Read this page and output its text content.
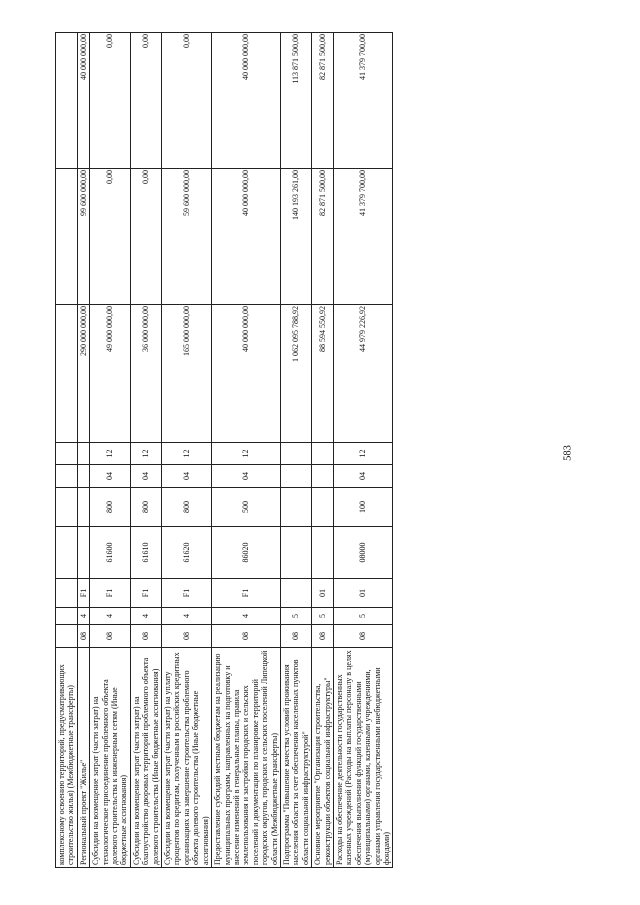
583
комплексному освоению территорий, предусматривающих строительство жилья) (Межбюджетные трансферты)										
Региональный проект "Жилье"	08	4	F1					290 000 000,00	99 600 000,00	40 000 000,00
Субсидии на возмещение затрат (части затрат) на технологическое присоединение проблемного объекта долевого строительства к инженерным сетям (Иные бюджетные ассигнования)	08	4	F1	61600	800	04	12	49 000 000,00	0,00	0,00
Субсидии на возмещение затрат (части затрат) на благоустройство дворовых территорий проблемного объекта долевого строительства (Иные бюджетные ассигнования)	08	4	F1	61610	800	04	12	36 000 000,00	0,00	0,00
Субсидии на возмещение затрат (части затрат) на уплату процентов по кредитам, полученным в российских кредитных организациях на завершение строительства проблемного объекта долевого строительства (Иные бюджетные ассигнования)	08	4	F1	61620	800	04	12	165 000 000,00	59 600 000,00	0,00
Предоставление субсидий местным бюджетам на реализацию муниципальных программ, направленных на подготовку и внесение изменений в генеральные планы, правила землепользования и застройки городских и сельских поселений и документации по планировке территорий городских округов, городских и сельских поселений Липецкой области (Межбюджетные трансферты)	08	4	F1	86020	500	04	12	40 000 000,00	40 000 000,00	40 000 000,00
Подпрограмма "Повышение качества условий проживания населения области за счет обеспечения населенных пунктов области социальной инфраструктурой"	08	5						1 062 095 788,92	140 193 261,00	113 871 500,00
Основное мероприятие "Организация строительства, реконструкции объектов социальной инфраструктуры"	08	5	01					88 594 550,92	82 871 500,00	82 871 500,00
Расходы на обеспечение деятельности государственных казенных учреждений (Расходы на выплаты персоналу в целях обеспечения выполнения функций государственными (муниципальными) органами, казенными учреждениями, органами управления государственными внебюджетными фондами)	08	5	01	08000	100	04	12	44 979 226,92	41 379 700,00	41 379 700,00
